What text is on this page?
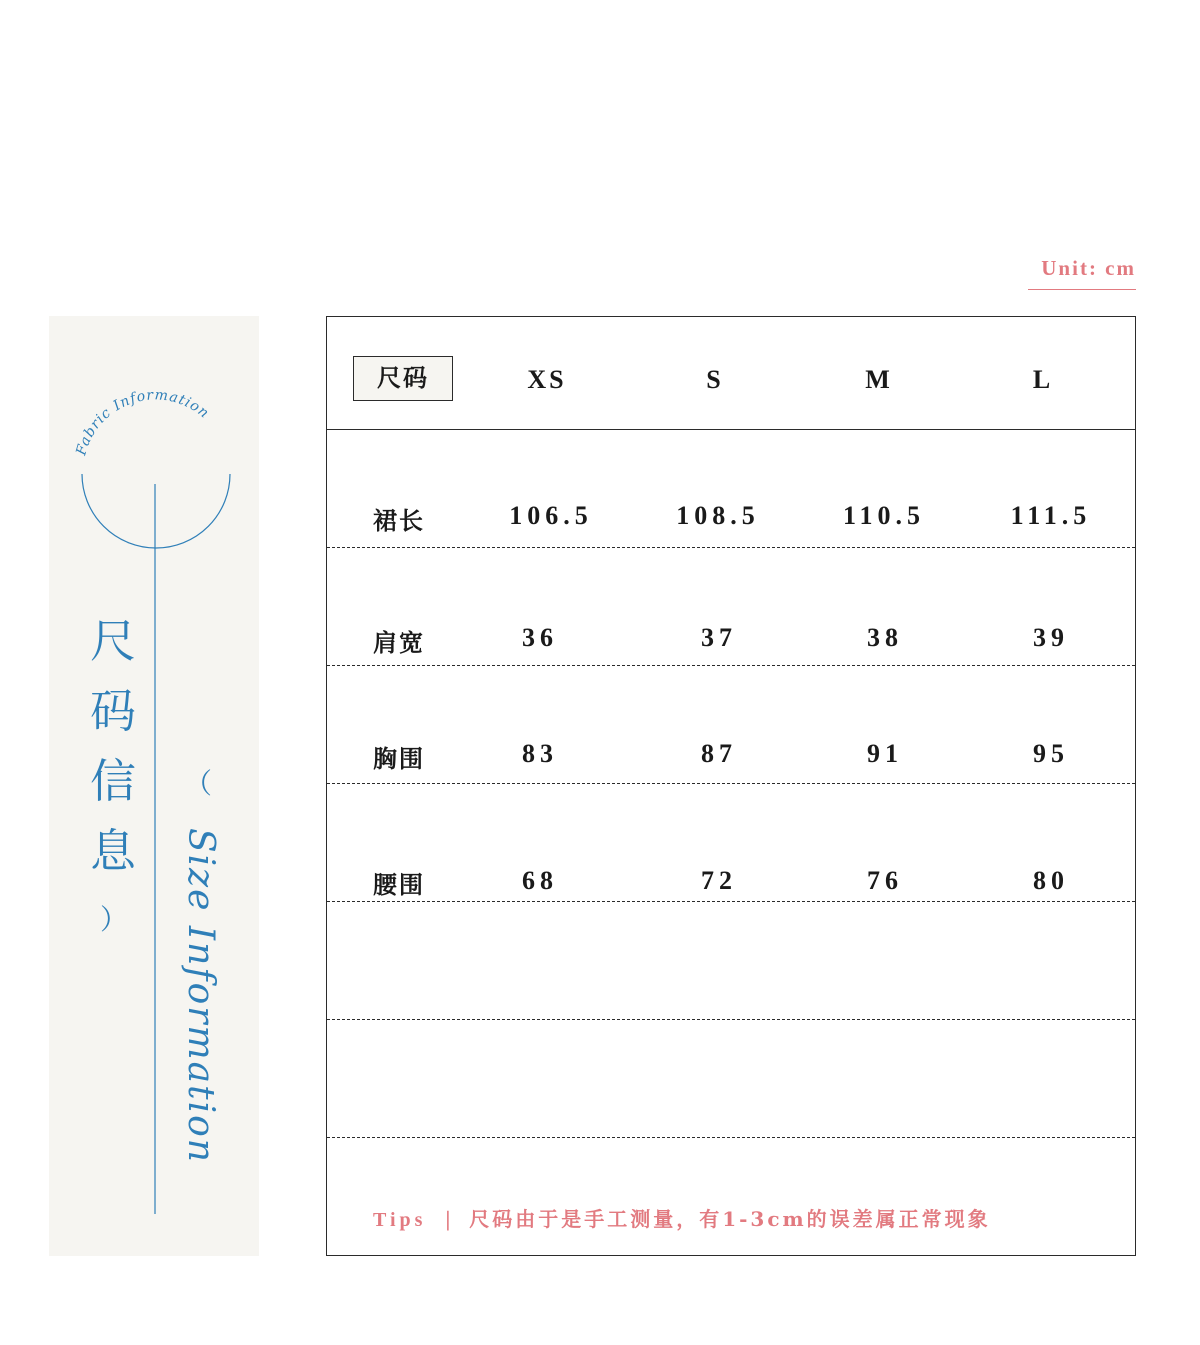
Unit: cm
Fabric Information
Size Information
尺
码
信
息
）
（
尺码	XS	S	M	L
裙长	106.5	108.5	110.5	111.5
肩宽	36	37	38	39
胸围	83	87	91	95
腰围	68	72	76	80
Tips | 尺码由于是手工测量，有1-3cm的误差属正常现象
